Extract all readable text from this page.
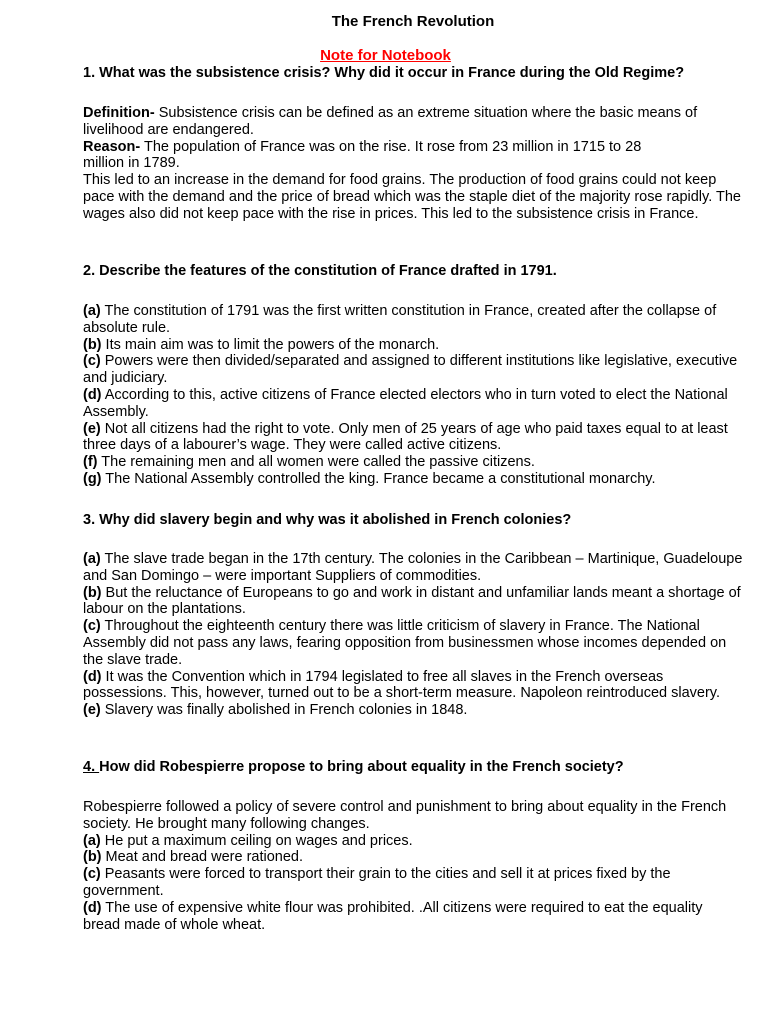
The French Revolution
Note for Notebook

1. What was the subsistence crisis? Why did it occur in France during the Old Regime?

Definition- Subsistence crisis can be defined as an extreme situation where the basic means of livelihood are endangered.

Reason- The population of France was on the rise. It rose from 23 million in 1715 to 28 million in 1789.

This led to an increase in the demand for food grains. The production of food grains could not keep pace with the demand and the price of bread which was the staple diet of the majority rose rapidly. The wages also did not keep pace with the rise in prices. This led to the subsistence crisis in France.

2. Describe the features of the constitution of France drafted in 1791.

(a) The constitution of 1791 was the first written constitution in France, created after the collapse of absolute rule.

(b) Its main aim was to limit the powers of the monarch.

(c) Powers were then divided/separated and assigned to different institutions like legislative, executive and judiciary.

(d) According to this, active citizens of France elected electors who in turn voted to elect the National Assembly.

(e) Not all citizens had the right to vote. Only men of 25 years of age who paid taxes equal to at least three days of a labourer’s wage. They were called active citizens.

(f) The remaining men and all women were called the passive citizens.

(g) The National Assembly controlled the king. France became a constitutional monarchy.

3. Why did slavery begin and why was it abolished in French colonies?

(a) The slave trade began in the 17th century. The colonies in the Caribbean – Martinique, Guadeloupe and San Domingo – were important Suppliers of commodities.

(b) But the reluctance of Europeans to go and work in distant and unfamiliar lands meant a shortage of labour on the plantations.

(c) Throughout the eighteenth century there was little criticism of slavery in France. The National Assembly did not pass any laws, fearing opposition from businessmen whose incomes depended on the slave trade.

(d) It was the Convention which in 1794 legislated to free all slaves in the French overseas possessions. This, however, turned out to be a short-term measure. Napoleon reintroduced slavery.

(e) Slavery was finally abolished in French colonies in 1848.

4. How did Robespierre propose to bring about equality in the French society?

Robespierre followed a policy of severe control and punishment to bring about equality in the French society. He brought many following changes.

(a) He put a maximum ceiling on wages and prices.

(b) Meat and bread were rationed.

(c) Peasants were forced to transport their grain to the cities and sell it at prices fixed by the government.

(d) The use of expensive white flour was prohibited. .All citizens were required to eat the equality bread made of whole wheat.
